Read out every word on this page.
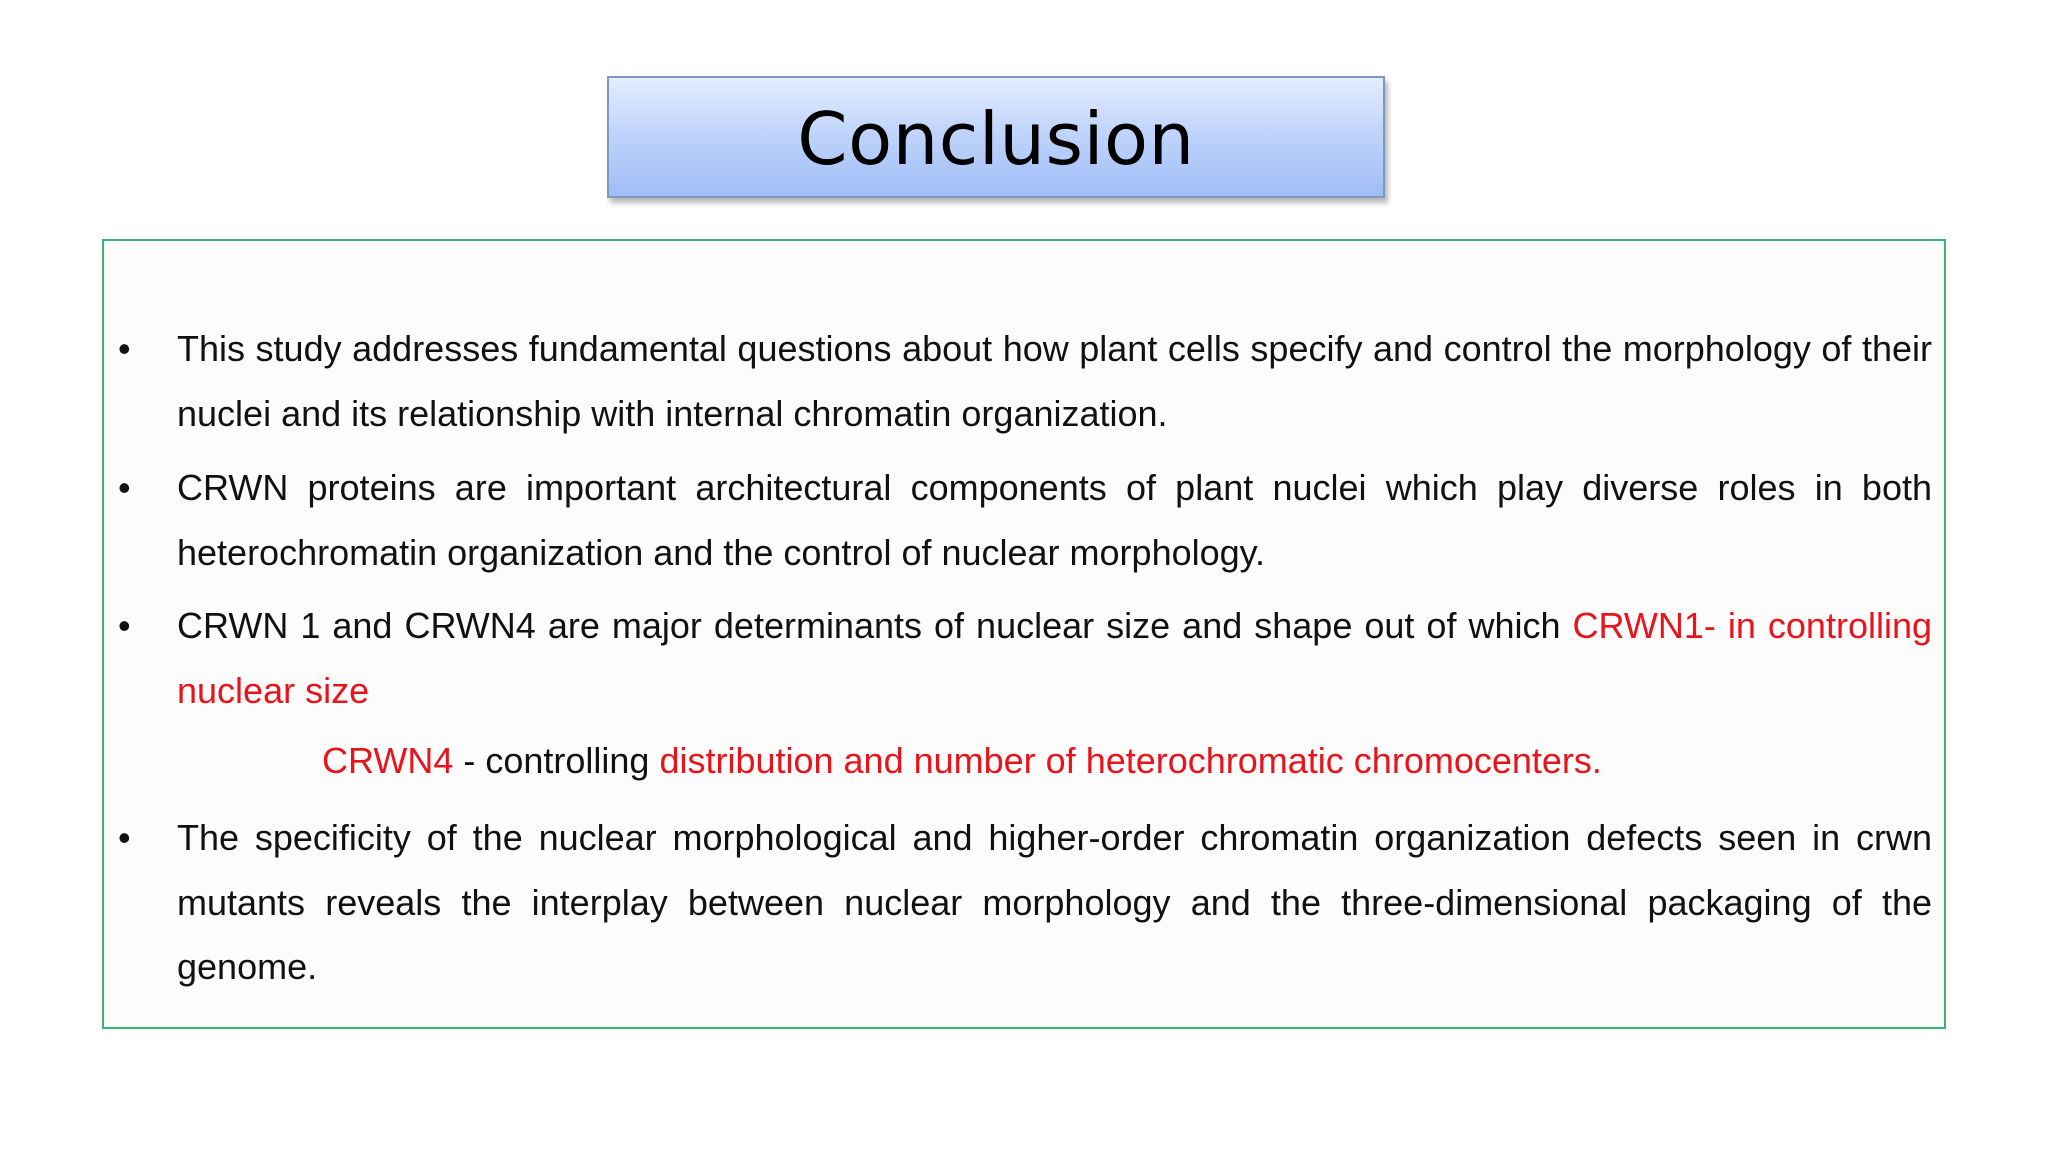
Conclusion
• This study addresses fundamental questions about how plant cells specify and control the morphology of their nuclei and its relationship with internal chromatin organization.
• CRWN proteins are important architectural components of plant nuclei which play diverse roles in both heterochromatin organization and the control of nuclear morphology.
• CRWN 1 and CRWN4 are major determinants of nuclear size and shape out of which CRWN1- in controlling nuclear size
CRWN4 - controlling distribution and number of heterochromatic chromocenters.
• The specificity of the nuclear morphological and higher-order chromatin organization defects seen in crwn mutants reveals the interplay between nuclear morphology and the three-dimensional packaging of the genome.
